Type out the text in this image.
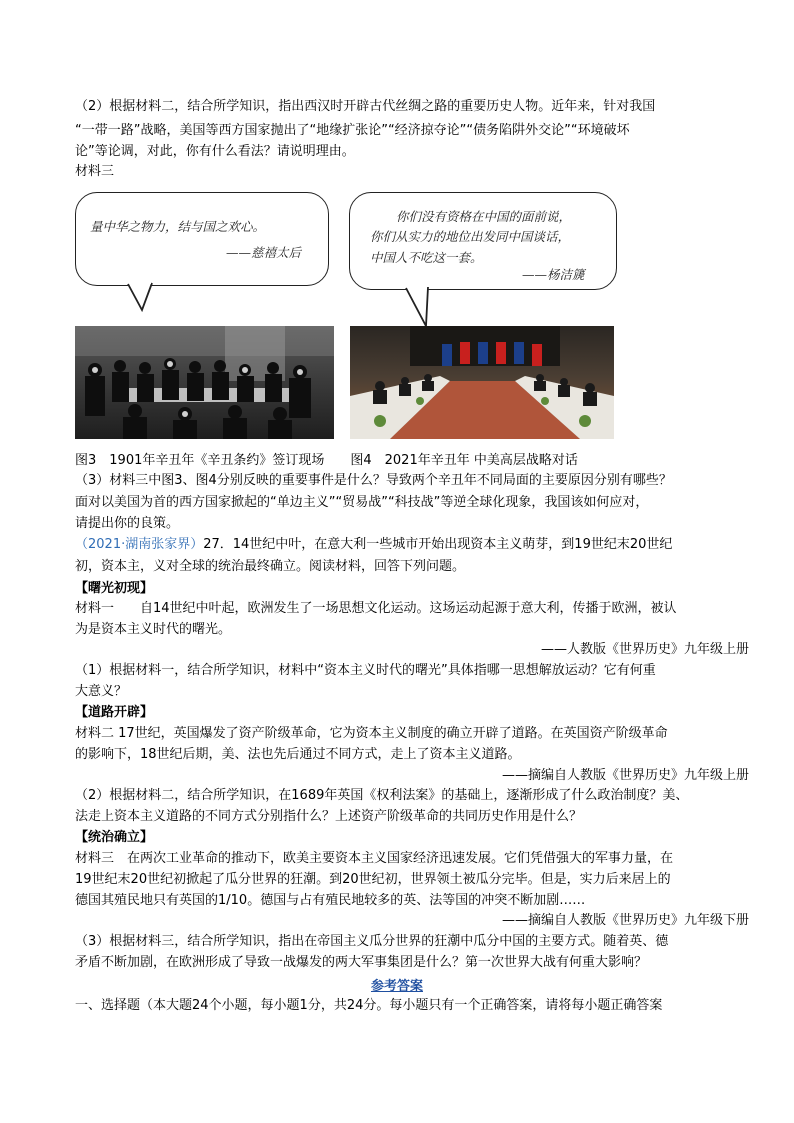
（2）根据材料二，结合所学知识，指出西汉时开辟古代丝绸之路的重要历史人物。近年来，针对我国
“一带一路”战略，美国等西方国家抛出了“地缘扩张论”“经济掠夺论”“债务陷阱外交论”“环境破坏
论”等论调，对此，你有什么看法？请说明理由。
材料三
量中华之物力，结与国之欢心。
——慈禧太后
你们没有资格在中国的面前说，
你们从实力的地位出发同中国谈话，
中国人不吃这一套。
——杨洁篪
图3　1901年辛丑年《辛丑条约》签订现场　　图4　2021年辛丑年 中美高层战略对话
（3）材料三中图3、图4分别反映的重要事件是什么？导致两个辛丑年不同局面的主要原因分别有哪些？
面对以美国为首的西方国家掀起的“单边主义”“贸易战”“科技战”等逆全球化现象，我国该如何应对，
请提出你的良策。
（2021·湖南张家界）27．14世纪中叶，在意大利一些城市开始出现资本主义萌芽，到19世纪末20世纪
初，资本主，义对全球的统治最终确立。阅读材料，回答下列问题。
【曙光初现】
材料一　　自14世纪中叶起，欧洲发生了一场思想文化运动。这场运动起源于意大利，传播于欧洲，被认
为是资本主义时代的曙光。
——人教版《世界历史》九年级上册
（1）根据材料一，结合所学知识，材料中“资本主义时代的曙光”具体指哪一思想解放运动？它有何重
大意义？
【道路开辟】
材料二 17世纪，英国爆发了资产阶级革命，它为资本主义制度的确立开辟了道路。在英国资产阶级革命
的影响下，18世纪后期，美、法也先后通过不同方式，走上了资本主义道路。
——摘编自人教版《世界历史》九年级上册
（2）根据材料二，结合所学知识，在1689年英国《权利法案》的基础上，逐渐形成了什么政治制度？美、
法走上资本主义道路的不同方式分别指什么？上述资产阶级革命的共同历史作用是什么？
【统治确立】
材料三　在两次工业革命的推动下，欧美主要资本主义国家经济迅速发展。它们凭借强大的军事力量，在
19世纪末20世纪初掀起了瓜分世界的狂潮。到20世纪初，世界领土被瓜分完毕。但是，实力后来居上的
德国其殖民地只有英国的1/10。德国与占有殖民地较多的英、法等国的冲突不断加剧……
——摘编自人教版《世界历史》九年级下册
（3）根据材料三，结合所学知识，指出在帝国主义瓜分世界的狂潮中瓜分中国的主要方式。随着英、德
矛盾不断加剧，在欧洲形成了导致一战爆发的两大军事集团是什么？第一次世界大战有何重大影响？
参考答案
一、选择题（本大题24个小题，每小题1分，共24分。每小题只有一个正确答案，请将每小题正确答案
